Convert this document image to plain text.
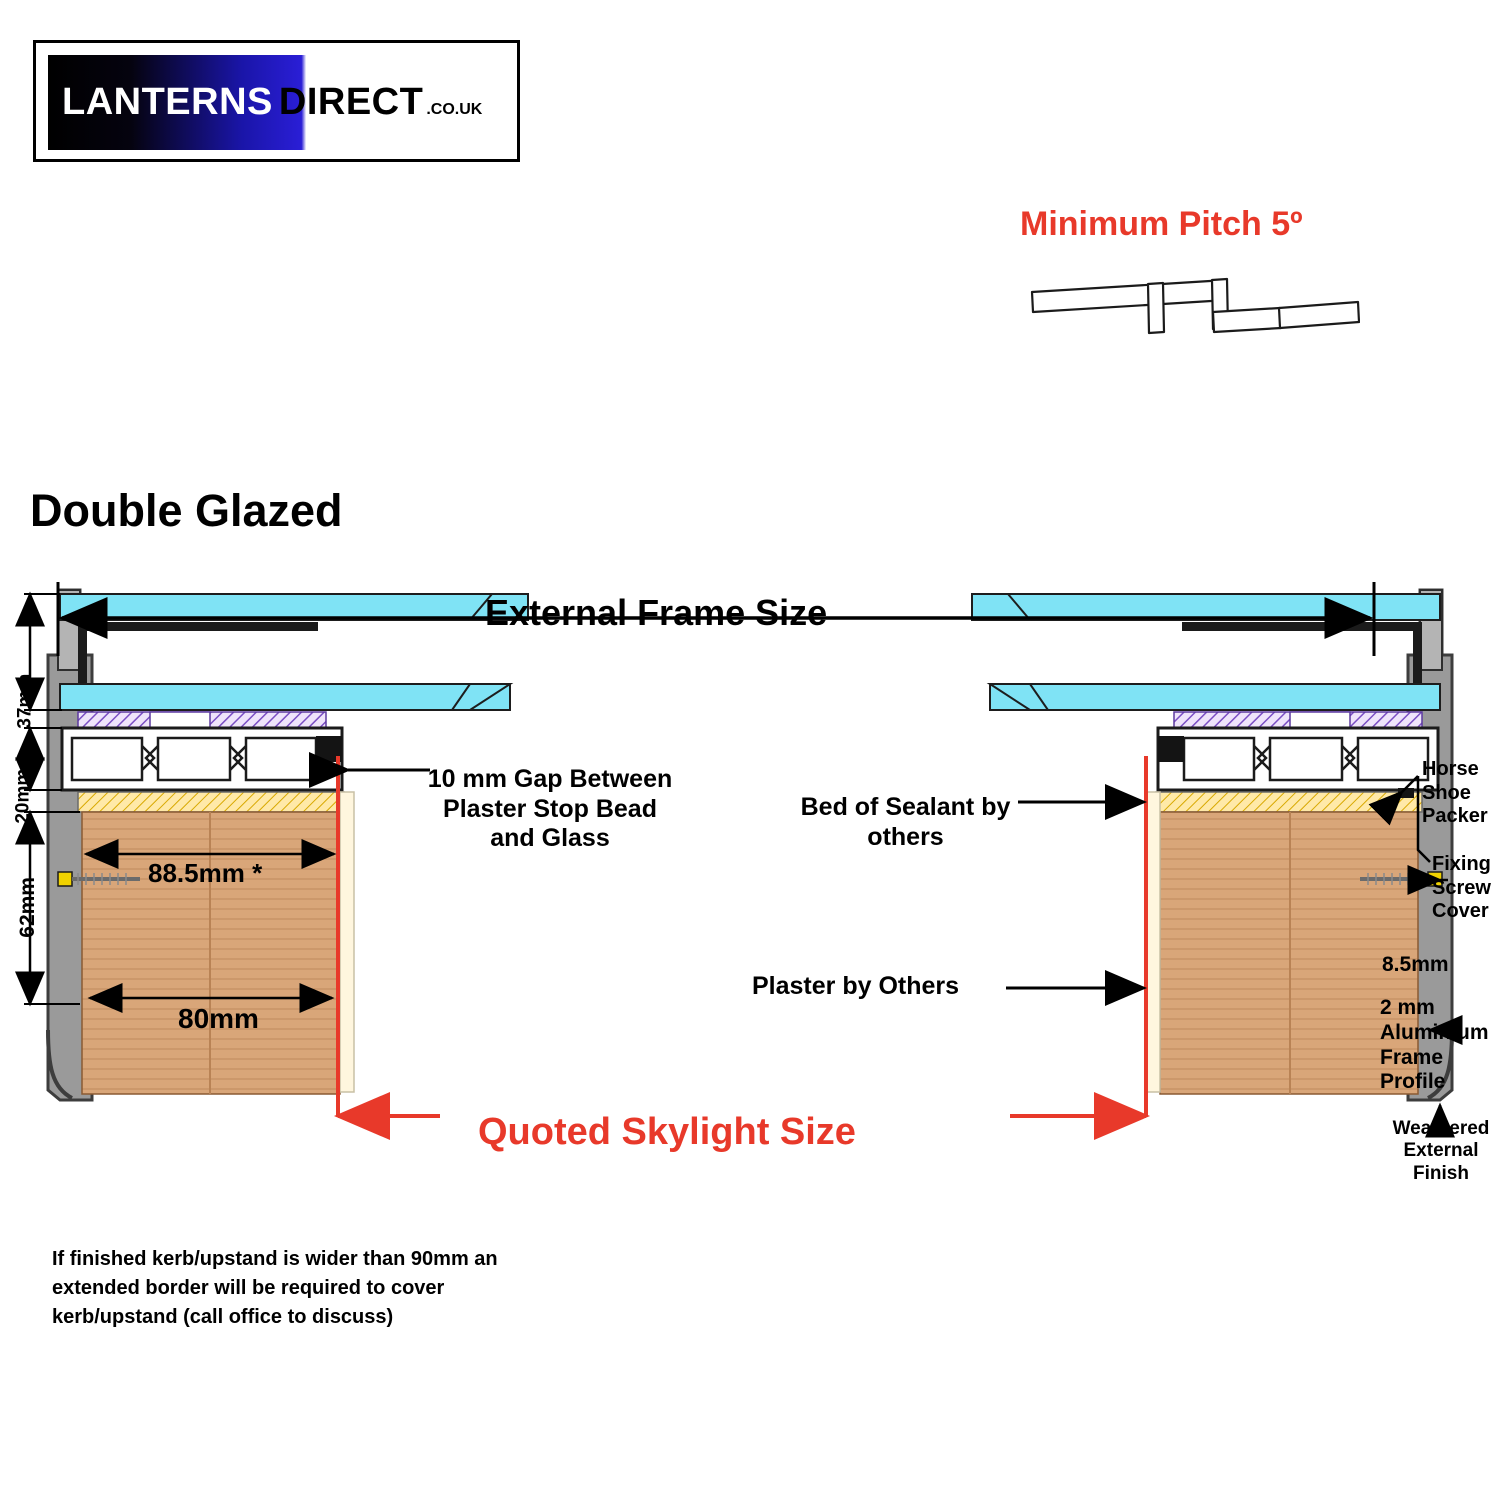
LANTERNS DIRECT .CO.UK
Minimum Pitch 5º
Double Glazed
External Frame Size
Quoted Skylight Size
10 mm Gap Between Plaster Stop Bead and Glass
Bed of Sealant by others
Plaster by Others
Horse Shoe Packer
Fixing Screw Cover
8.5mm
2 mm Aluminium Frame Profile
Weathered External Finish
88.5mm *
80mm
37mm
20mm
62mm
If finished kerb/upstand is wider than 90mm an extended border will be required to cover kerb/upstand (call office to discuss)
